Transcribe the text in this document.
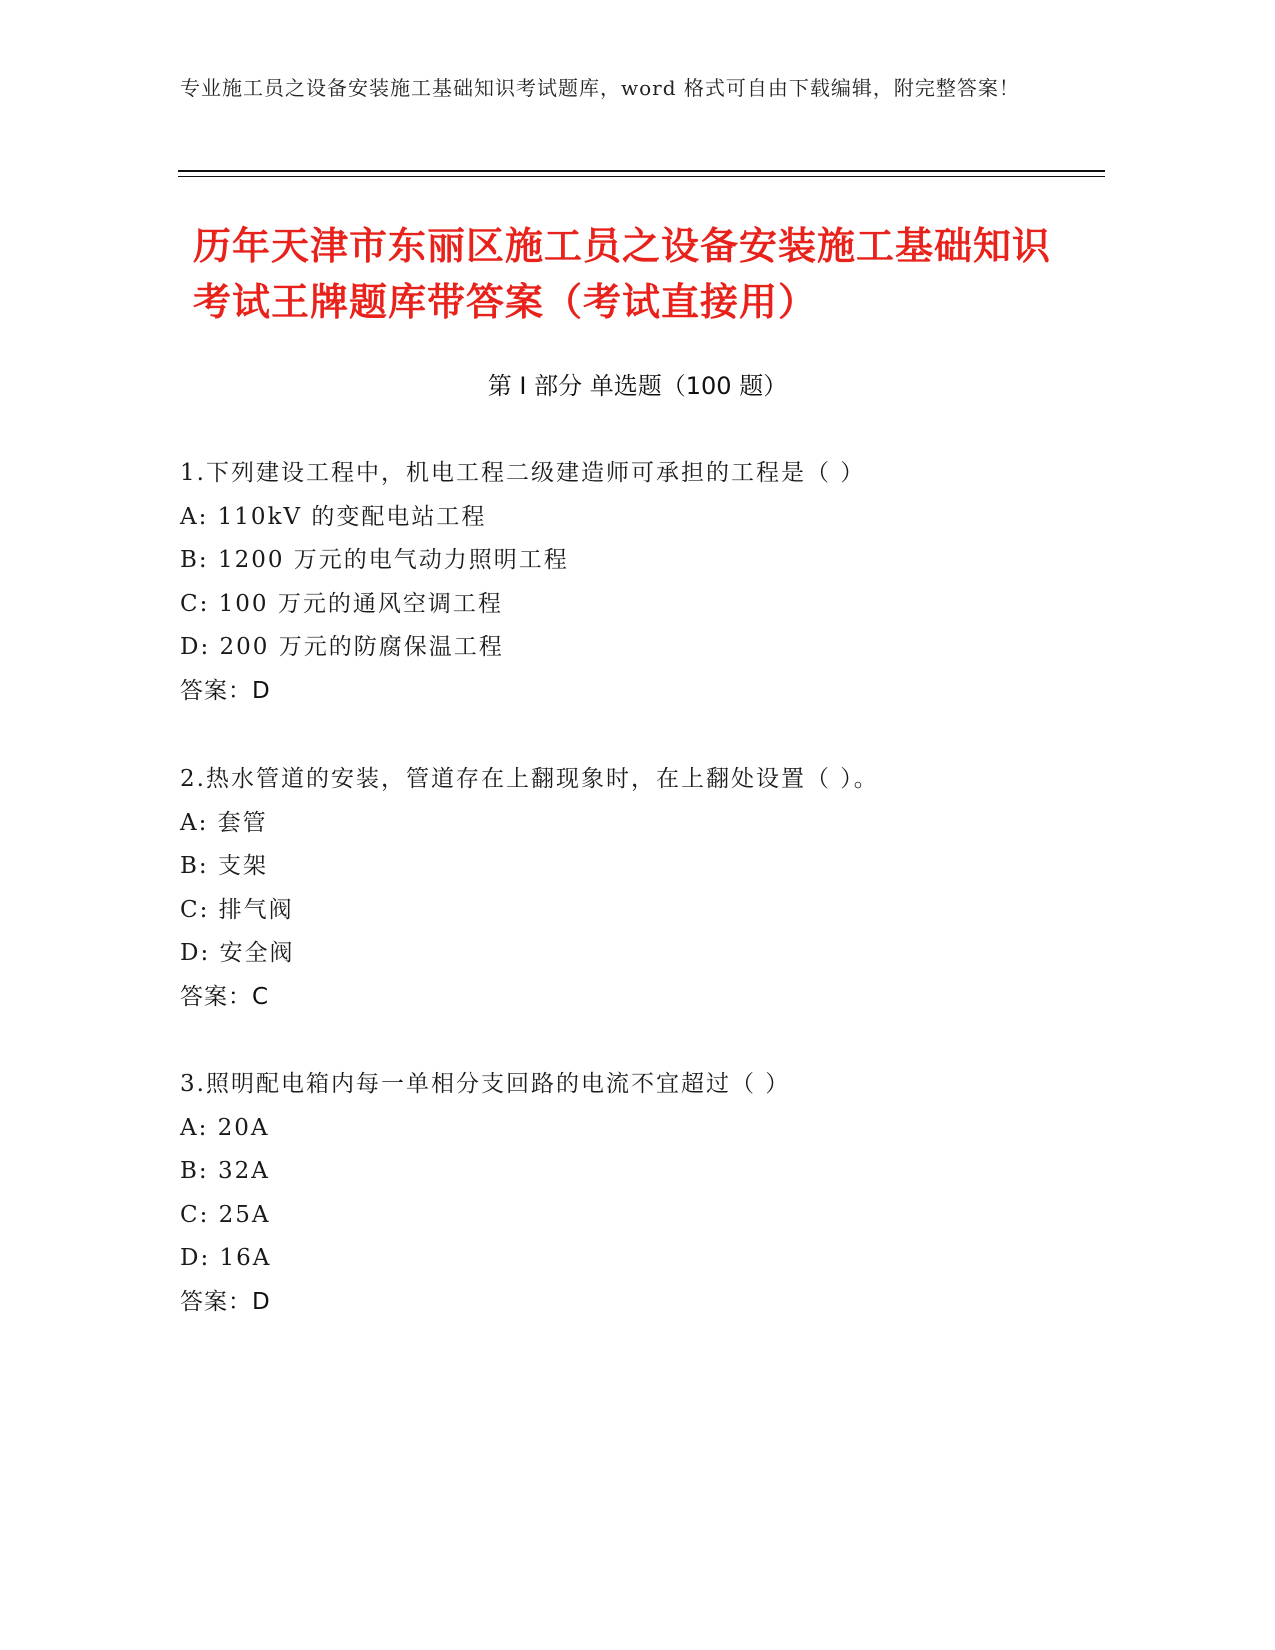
专业施工员之设备安装施工基础知识考试题库，word 格式可自由下载编辑，附完整答案！
历年天津市东丽区施工员之设备安装施工基础知识考试王牌题库带答案（考试直接用）
第 I 部分 单选题（100 题）
1.下列建设工程中，机电工程二级建造师可承担的工程是（ ）
A: 110kV 的变配电站工程
B: 1200 万元的电气动力照明工程
C: 100 万元的通风空调工程
D: 200 万元的防腐保温工程
答案：D
2.热水管道的安装，管道存在上翻现象时，在上翻处设置（ ）。
A: 套管
B: 支架
C: 排气阀
D: 安全阀
答案：C
3.照明配电箱内每一单相分支回路的电流不宜超过（ ）
A: 20A
B: 32A
C: 25A
D: 16A
答案：D
